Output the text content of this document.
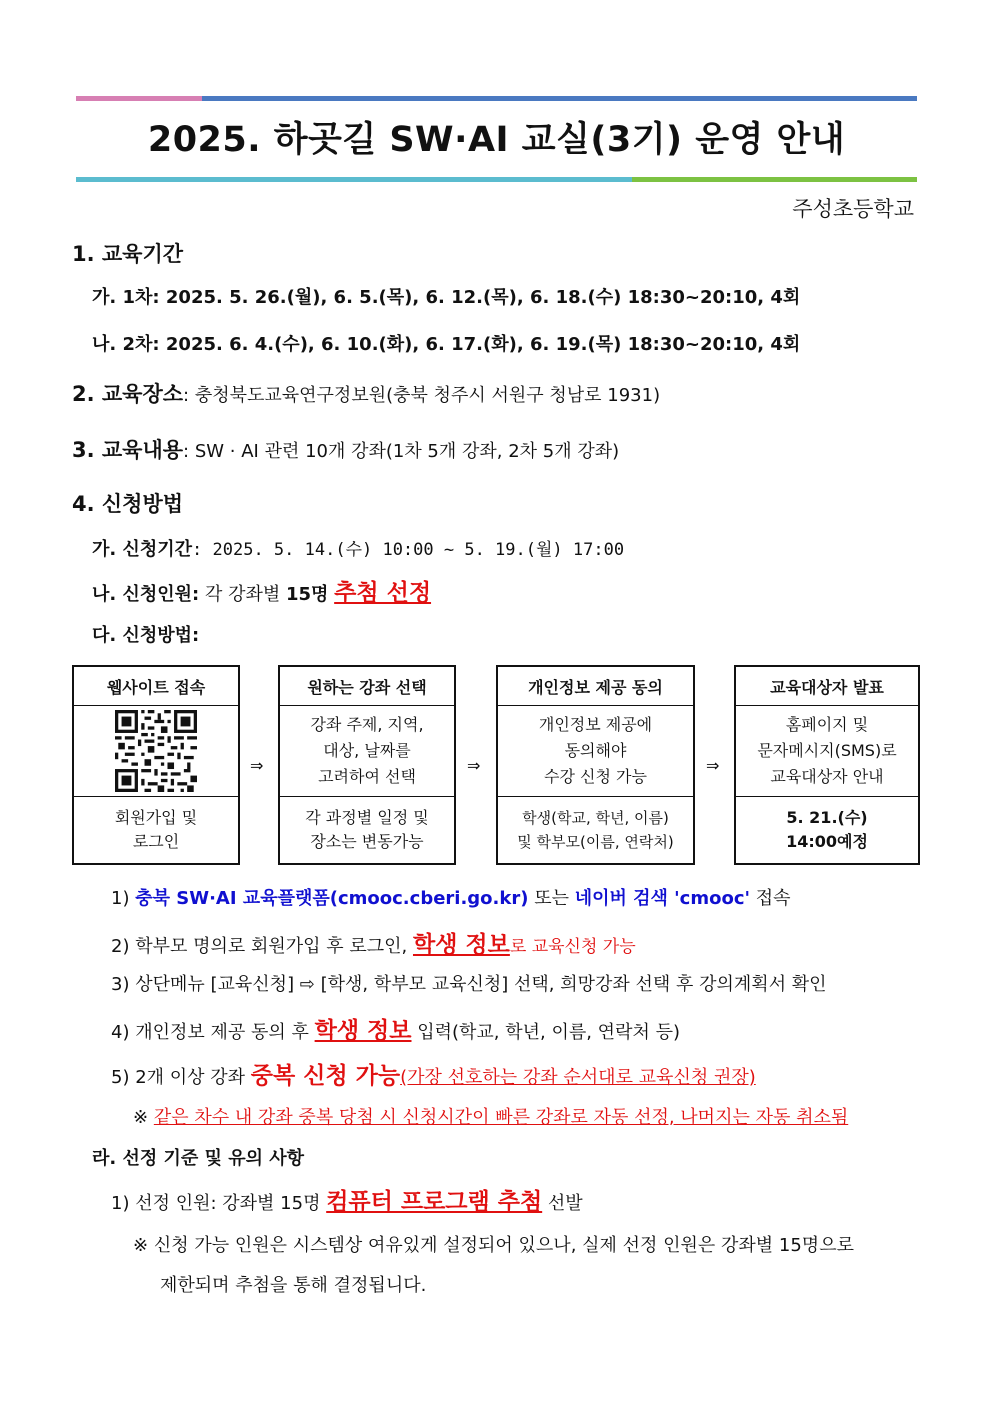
2025. 하곳길 SW·AI 교실(3기) 운영 안내
주성초등학교
1. 교육기간
가. 1차: 2025. 5. 26.(월), 6. 5.(목), 6. 12.(목), 6. 18.(수) 18:30~20:10, 4회
나. 2차: 2025. 6. 4.(수), 6. 10.(화), 6. 17.(화), 6. 19.(목) 18:30~20:10, 4회
2. 교육장소: 충청북도교육연구정보원(충북 청주시 서원구 청남로 1931)
3. 교육내용: SW · AI 관련 10개 강좌(1차 5개 강좌, 2차 5개 강좌)
4. 신청방법
가. 신청기간: 2025. 5. 14.(수) 10:00 ~ 5. 19.(월) 17:00
나. 신청인원: 각 강좌별 15명 추첨 선정
다. 신청방법:
웹사이트 접속
회원가입 및
로그인
⇒
원하는 강좌 선택
강좌 주제, 지역,
대상, 날짜를
고려하여 선택
각 과정별 일정 및
장소는 변동가능
⇒
개인정보 제공 동의
개인정보 제공에
동의해야
수강 신청 가능
학생(학교, 학년, 이름)
및 학부모(이름, 연락처)
⇒
교육대상자 발표
홈페이지 및
문자메시지(SMS)로
교육대상자 안내
5. 21.(수)
14:00예정
1) 충북 SW·AI 교육플랫폼(cmooc.cberi.go.kr) 또는 네이버 검색 'cmooc' 접속
2) 학부모 명의로 회원가입 후 로그인, 학생 정보로 교육신청 가능
3) 상단메뉴 [교육신청] ⇨ [학생, 학부모 교육신청] 선택, 희망강좌 선택 후 강의계획서 확인
4) 개인정보 제공 동의 후 학생 정보 입력(학교, 학년, 이름, 연락처 등)
5) 2개 이상 강좌 중복 신청 가능(가장 선호하는 강좌 순서대로 교육신청 권장)
※ 같은 차수 내 강좌 중복 당첨 시 신청시간이 빠른 강좌로 자동 선정, 나머지는 자동 취소됨
라. 선정 기준 및 유의 사항
1) 선정 인원: 강좌별 15명 컴퓨터 프로그램 추첨 선발
※ 신청 가능 인원은 시스템상 여유있게 설정되어 있으나, 실제 선정 인원은 강좌별 15명으로
제한되며 추첨을 통해 결정됩니다.
